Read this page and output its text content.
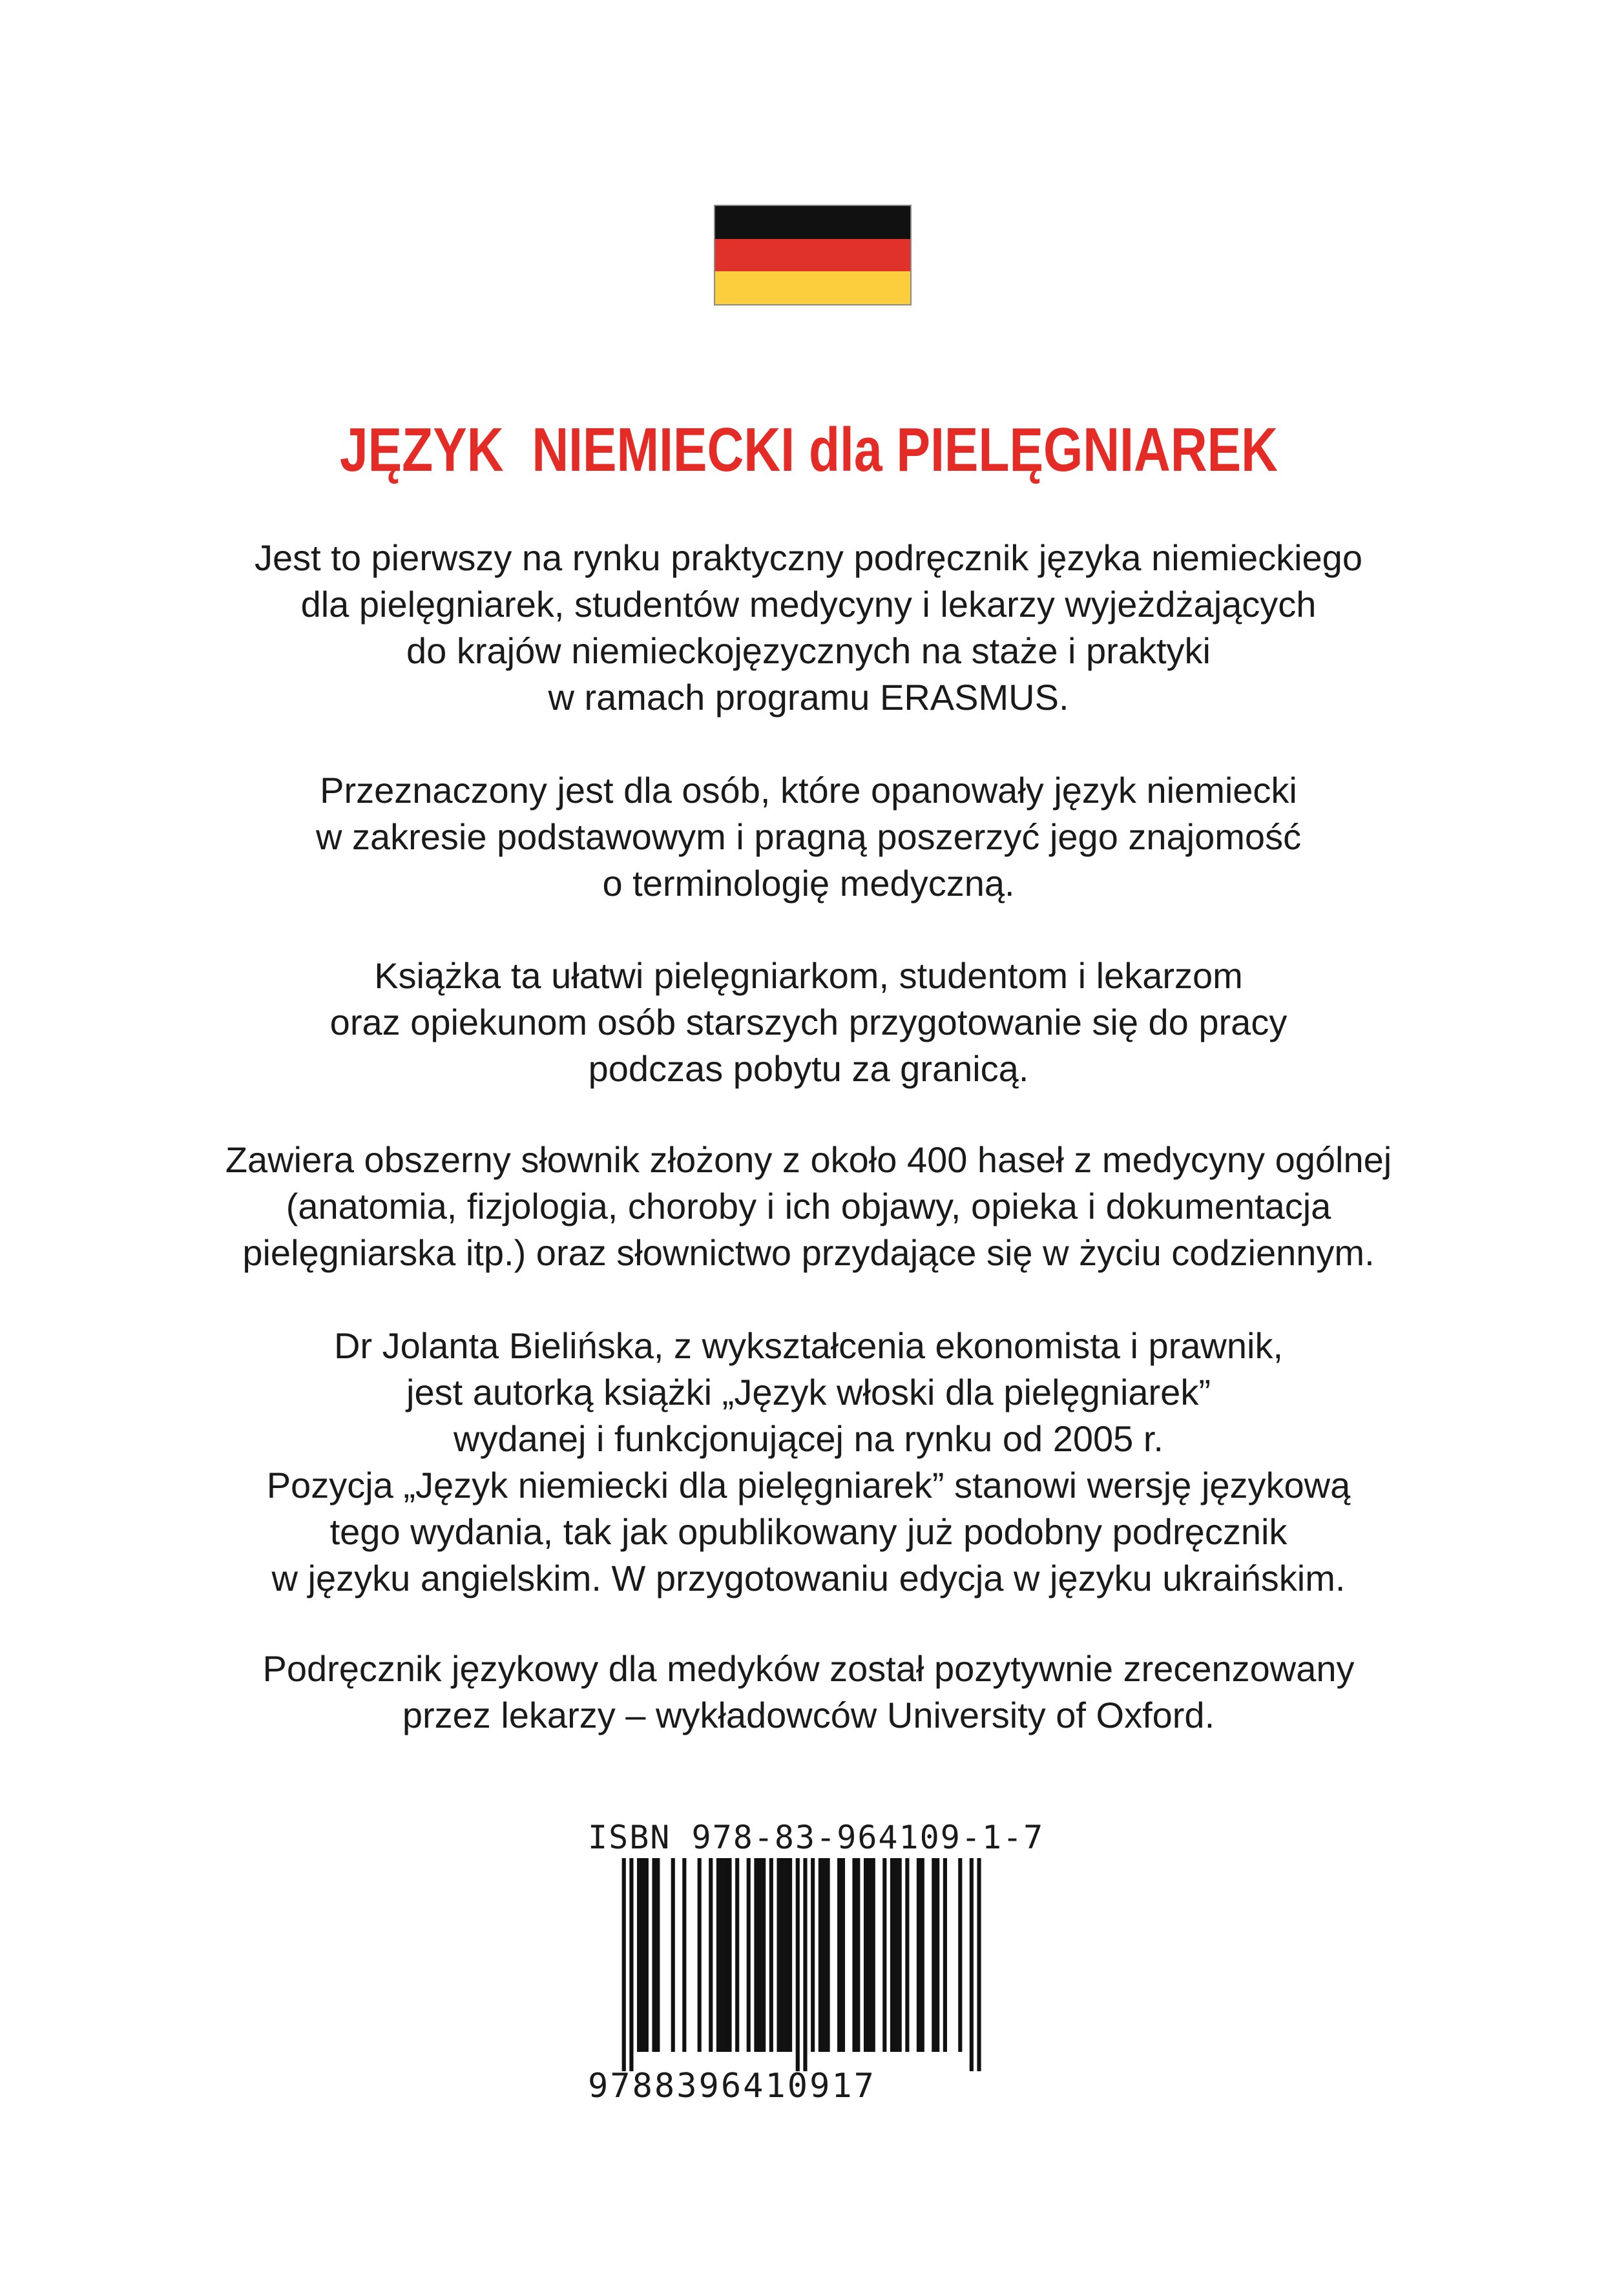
JĘZYK  NIEMIECKI dla PIELĘGNIAREK
Jest to pierwszy na rynku praktyczny podręcznik języka niemieckiego
dla pielęgniarek, studentów medycyny i lekarzy wyjeżdżających
do krajów niemieckojęzycznych na staże i praktyki
w ramach programu ERASMUS.
Przeznaczony jest dla osób, które opanowały język niemiecki
w zakresie podstawowym i pragną poszerzyć jego znajomość
o terminologię medyczną.
Książka ta ułatwi pielęgniarkom, studentom i lekarzom
oraz opiekunom osób starszych przygotowanie się do pracy
podczas pobytu za granicą.
Zawiera obszerny słownik złożony z około 400 haseł z medycyny ogólnej
(anatomia, fizjologia, choroby i ich objawy, opieka i dokumentacja
pielęgniarska itp.) oraz słownictwo przydające się w życiu codziennym.
Dr Jolanta Bielińska, z wykształcenia ekonomista i prawnik,
jest autorką książki „Język włoski dla pielęgniarek”
wydanej i funkcjonującej na rynku od 2005 r.
Pozycja „Język niemiecki dla pielęgniarek” stanowi wersję językową
tego wydania, tak jak opublikowany już podobny podręcznik
w języku angielskim. W przygotowaniu edycja w języku ukraińskim.
Podręcznik językowy dla medyków został pozytywnie zrecenzowany
przez lekarzy – wykładowców University of Oxford.
ISBN 978-83-964109-1-7
9788396410917
